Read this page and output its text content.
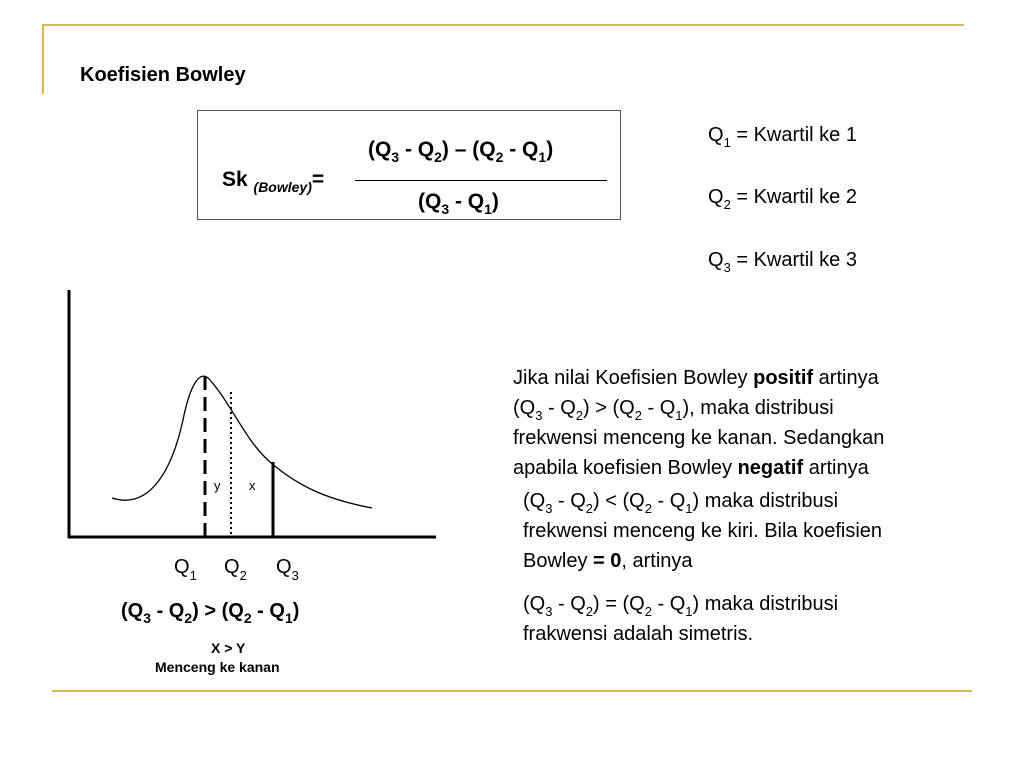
Koefisien Bowley
$(Q_3 - Q_2) - (Q_2 - Q_1)$
$(Q_3 - Q_1)$
Sk $_{(Bowley)}$=
$Q_1$ = Kwartil ke 1
$Q_2$ = Kwartil ke 2
$Q_3$ = Kwartil ke 3
y x
$Q_1$ $Q_2$ $Q_3$
$(Q_3 - Q_2) > (Q_2 - Q_1)$
X > Y
Menceng ke kanan
Jika nilai Koefisien Bowley positif artinya
$(Q_3 - Q_2) > (Q_2 - Q_1)$, maka distribusi
frekwensi menceng ke kanan. Sedangkan
apabila koefisien Bowley negatif artinya
$(Q_3 - Q_2) < (Q_2 - Q_1)$ maka distribusi
frekwensi menceng ke kiri. Bila koefisien
Bowley = 0, artinya
$(Q_3 - Q_2) = (Q_2 - Q_1)$ maka distribusi
frakwensi adalah simetris.
